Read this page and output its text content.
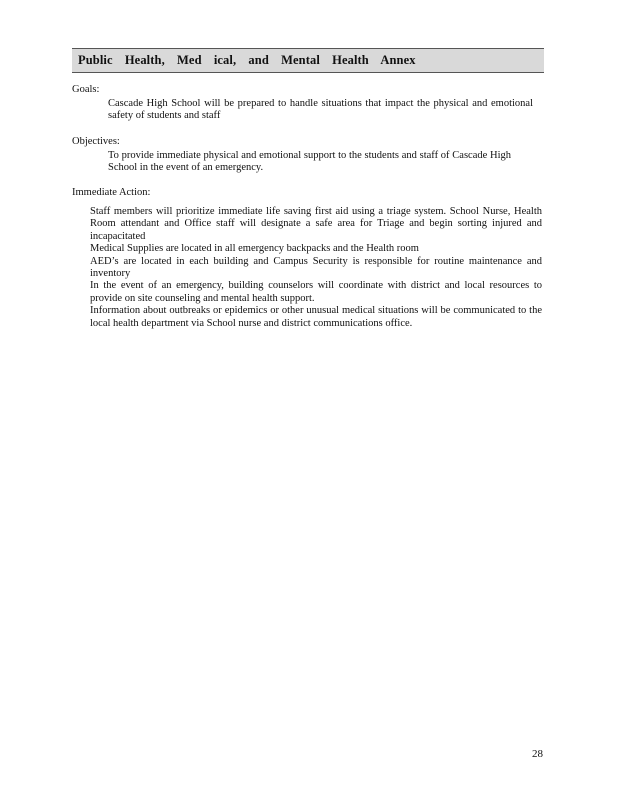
Public Health, Med ical, and Mental Health Annex
Goals:
Cascade High School will be prepared to handle situations that impact the physical and emotional safety of students and staff
Objectives:
To provide immediate physical and emotional support to the students and staff of Cascade High School in the event of an emergency.
Immediate Action:
Staff members will prioritize immediate life saving first aid using a triage system. School Nurse, Health Room attendant and Office staff will designate a safe area for Triage and begin sorting injured and incapacitated
Medical Supplies are located in all emergency backpacks and the Health room
AED’s are located in each building and Campus Security is responsible for routine maintenance and inventory
In the event of an emergency, building counselors will coordinate with district and local resources to provide on site counseling and mental health support.
Information about outbreaks or epidemics or other unusual medical situations will be communicated to the local health department via School nurse and district communications office.
28
